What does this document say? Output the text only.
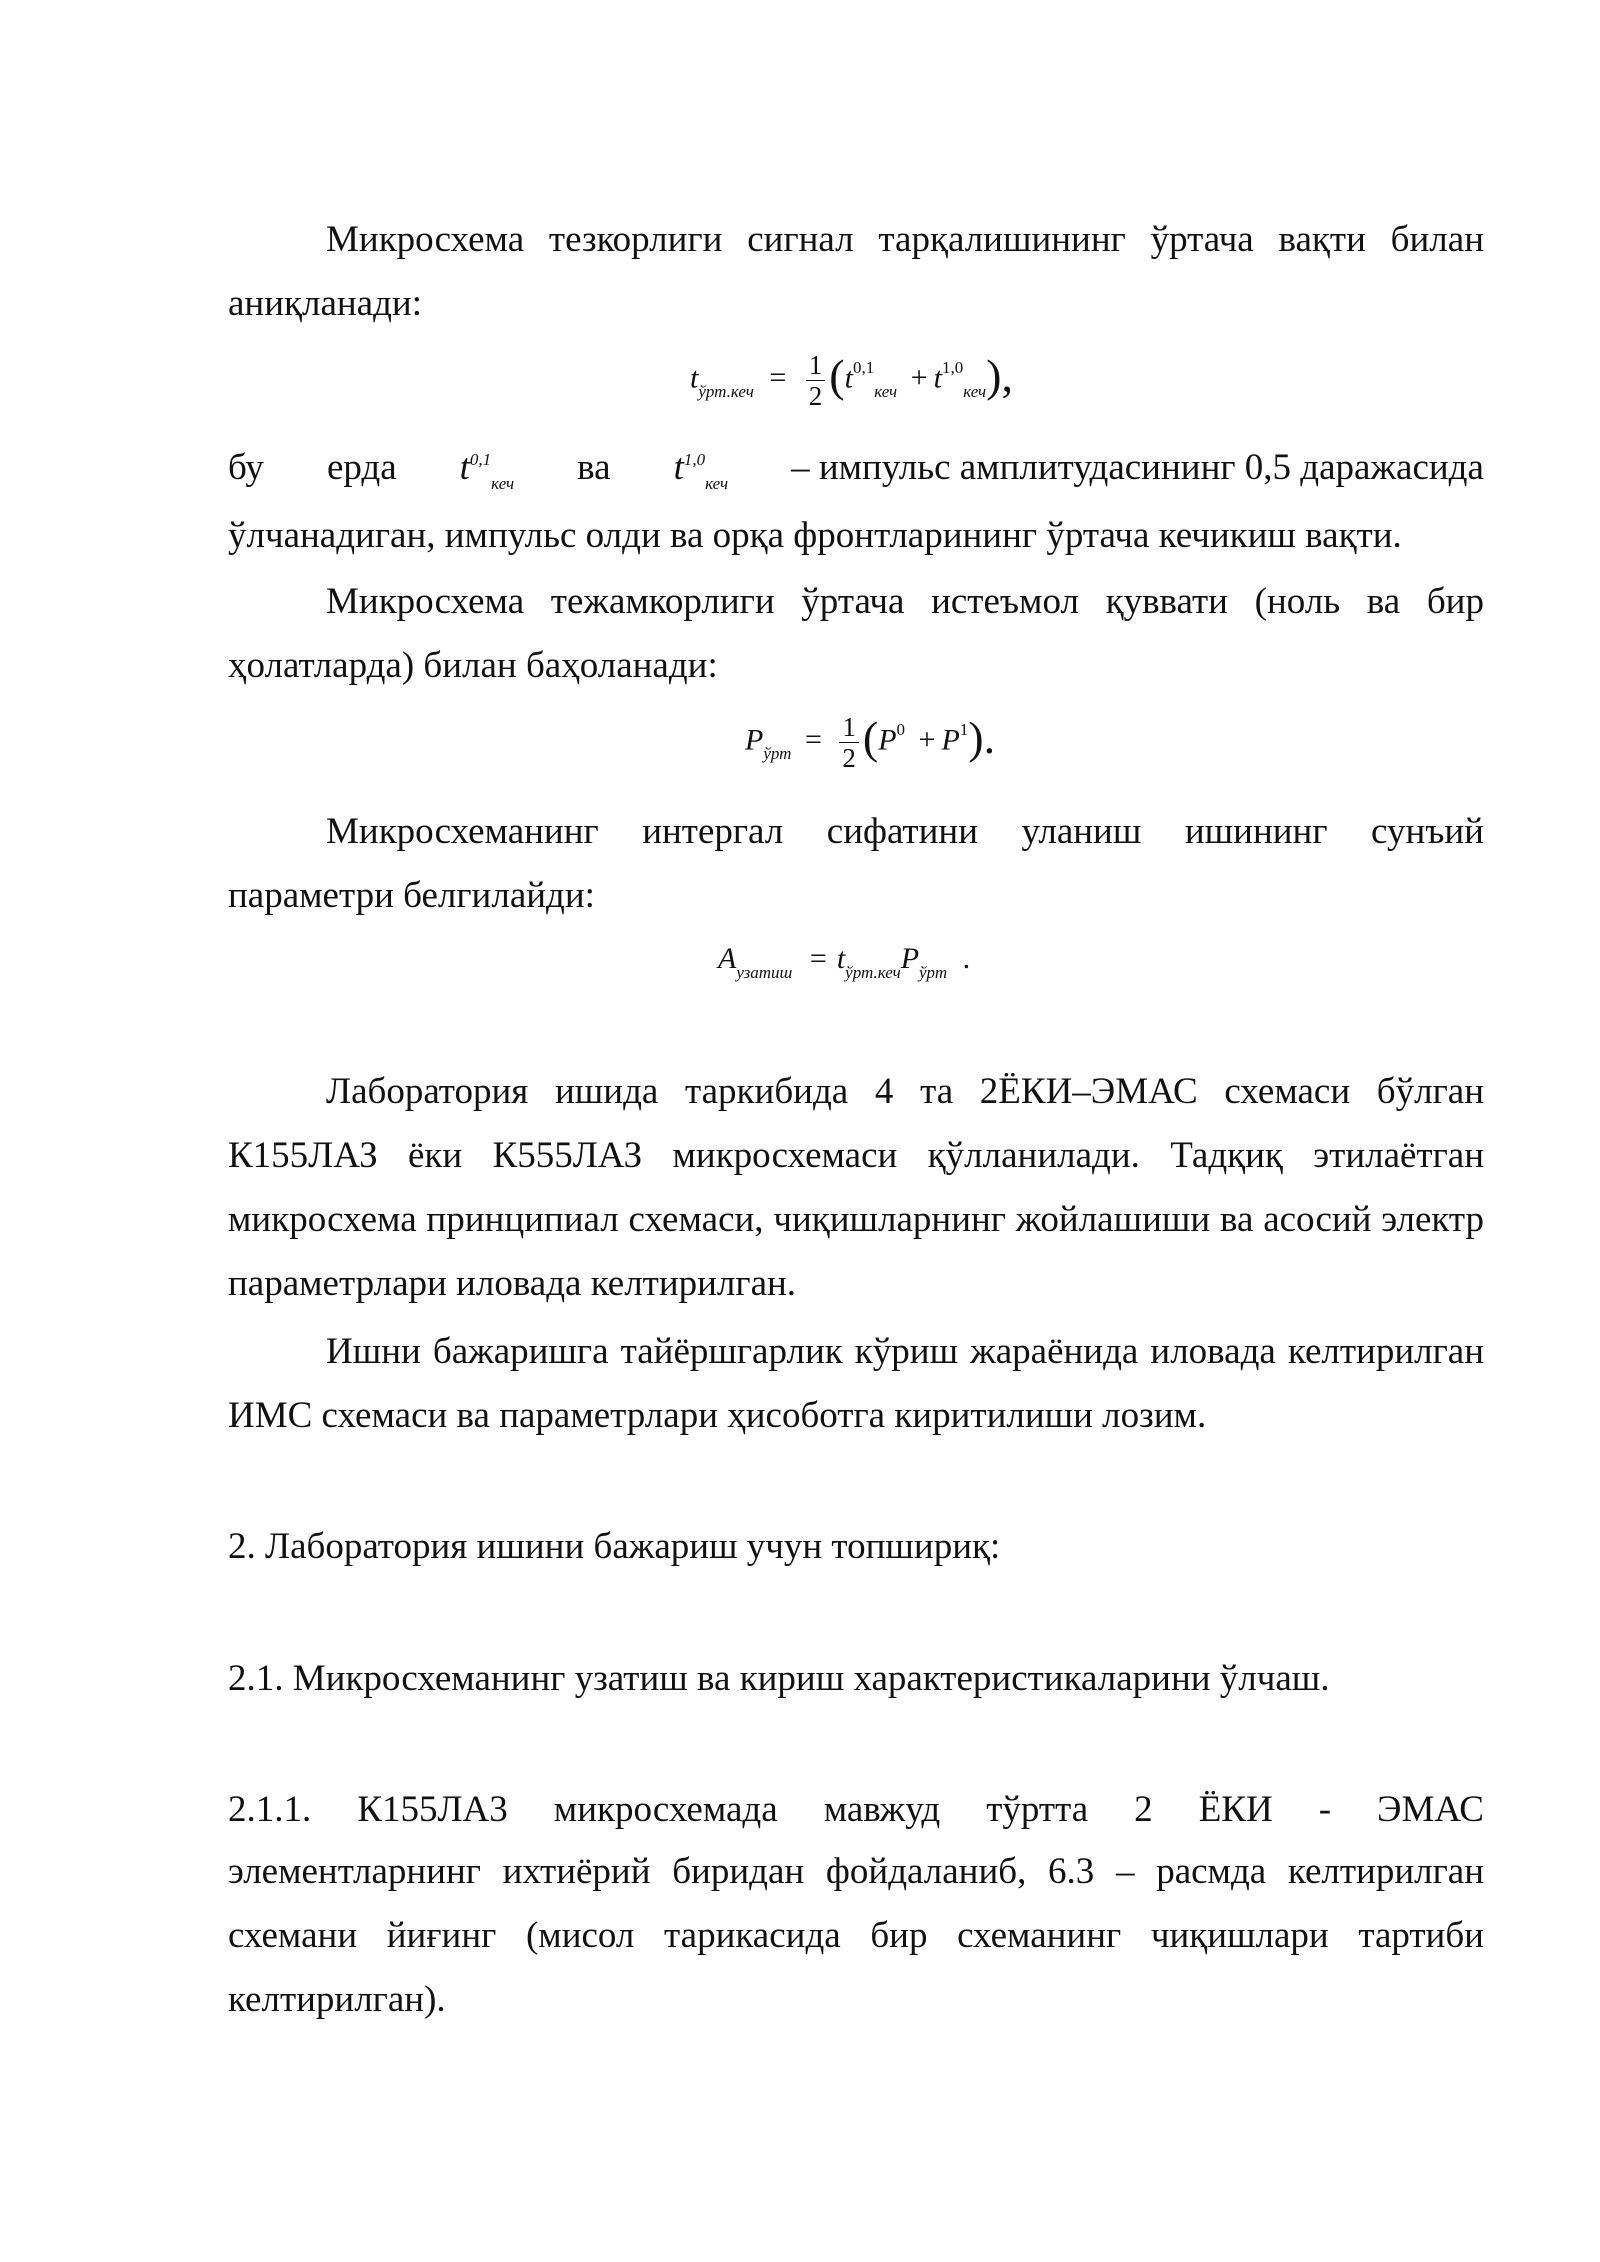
Микросхема тезкорлиги сигнал тарқалишининг ўртача вақти билан аниқланади:
$t_{ўрт.кеч} = \frac{1}{2} (t^{0,1}_{кеч} + t^{1,0}_{кеч})$,
бу ерда $t^{0,1}_{кеч}$ ва $t^{1,0}_{кеч}$ – импульс амплитудасининг 0,5 даражасида
ўлчанадиган, импульс олди ва орқа фронтларининг ўртача кечикиш вақти.
Микросхема тежамкорлиги ўртача истеъмол қуввати (ноль ва бир ҳолатларда) билан баҳоланади:
$P_{ўрт} = \frac{1}{2} (P^0 + P^1)$.
Микросхеманинг интергал сифатини уланиш ишининг сунъий параметри белгилайди:
$A_{узатиш} = t_{ўрт.кеч}P_{ўрт}$ .
Лаборатория ишида таркибида 4 та 2ЁКИ–ЭМАС схемаси бўлган К155ЛАЗ ёки К555ЛАЗ микросхемаси қўлланилади. Тадқиқ этилаётган микросхема принципиал схемаси, чиқишларнинг жойлашиши ва асосий электр параметрлари иловада келтирилган.
Ишни бажаришга тайёршгарлик кўриш жараёнида иловада келтирилган ИМС схемаси ва параметрлари ҳисоботга киритилиши лозим.
2. Лаборатория ишини бажариш учун топшириқ:
2.1. Микросхеманинг узатиш ва кириш характеристикаларини ўлчаш.
2.1.1. К155ЛА3 микросхемада мавжуд тўртта 2 ЁКИ - ЭМАС
элементларнинг ихтиёрий биридан фойдаланиб, 6.3 – расмда келтирилган схемани йиғинг (мисол тарикасида бир схеманинг чиқишлари тартиби келтирилган).
